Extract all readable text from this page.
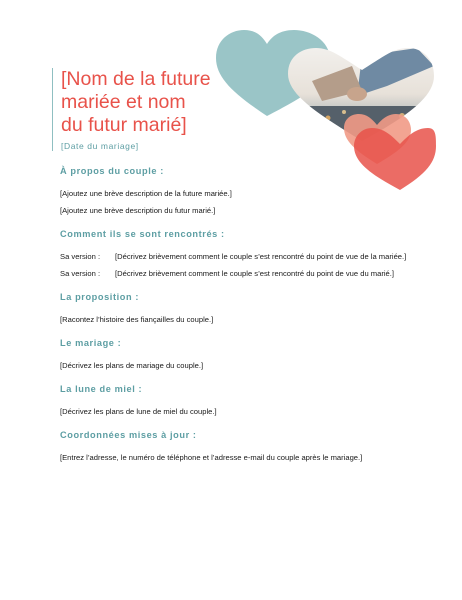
[Nom de la future
mariée et nom
du futur marié]
[Date du mariage]
À propos du couple :

[Ajoutez une brève description de la future mariée.]

[Ajoutez une brève description du futur marié.]

Comment ils se sont rencontrés :
Sa version :	[Décrivez brièvement comment le couple s’est rencontré du point de vue de la mariée.]
Sa version :	[Décrivez brièvement comment le couple s’est rencontré du point de vue du marié.]
La proposition :

[Racontez l’histoire des fiançailles du couple.]

Le mariage :

[Décrivez les plans de mariage du couple.]

La lune de miel :

[Décrivez les plans de lune de miel du couple.]

Coordonnées mises à jour :

[Entrez l’adresse, le numéro de téléphone et l’adresse e-mail du couple après le mariage.]
